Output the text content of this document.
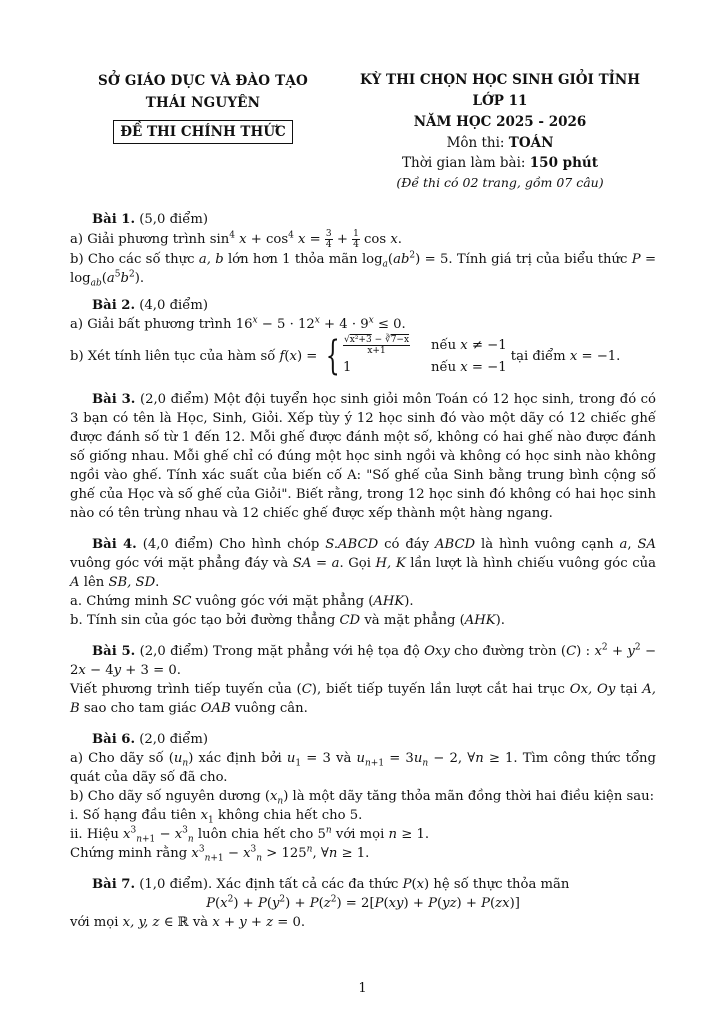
SỞ GIÁO DỤC VÀ ĐÀO TẠO
THÁI NGUYÊN
ĐỀ THI CHÍNH THỨC
KỲ THI CHỌN HỌC SINH GIỎI TỈNH
LỚP 11
NĂM HỌC 2025 - 2026
Môn thi: TOÁN
Thời gian làm bài: 150 phút
(Đề thi có 02 trang, gồm 07 câu)

Bài 1. (5,0 điểm)

a) Giải phương trình $\sin^4 x + \cos^4 x = \frac{3}{4} + \frac{1}{4}$ cos x.

b) Cho các số thực a, b lớn hơn 1 thỏa mãn $\log_a(ab^2) = 5$. Tính giá trị của biểu thức $P = \log_{ab}(a^5b^2)$.

Bài 2. (4,0 điểm)

a) Giải bất phương trình $16^x - 5 \cdot 12^x + 4 \cdot 9^x \le 0$.

b) Xét tính liên tục của hàm số f(x) = { $\frac{\text{√x²+3 − ∛7−x}}{x+1}$ nếu x ≠ −1
1	nếu x = −1
tại điểm x = −1.

Bài 3. (2,0 điểm) Một đội tuyển học sinh giỏi môn Toán có 12 học sinh, trong đó có 3 bạn có tên là Học, Sinh, Giỏi. Xếp tùy ý 12 học sinh đó vào một dãy có 12 chiếc ghế được đánh số từ 1 đến 12. Mỗi ghế được đánh một số, không có hai ghế nào được đánh số giống nhau. Mỗi ghế chỉ có đúng một học sinh ngồi và không có học sinh nào không ngồi vào ghế. Tính xác suất của biến cố A: "Số ghế của Sinh bằng trung bình cộng số ghế của Học và số ghế của Giỏi". Biết rằng, trong 12 học sinh đó không có hai học sinh nào có tên trùng nhau và 12 chiếc ghế được xếp thành một hàng ngang.

Bài 4. (4,0 điểm) Cho hình chóp S.ABCD có đáy ABCD là hình vuông cạnh a, SA vuông góc với mặt phẳng đáy và SA = a. Gọi H, K lần lượt là hình chiếu vuông góc của A lên SB, SD.

a. Chứng minh SC vuông góc với mặt phẳng (AHK).

b. Tính sin của góc tạo bởi đường thẳng CD và mặt phẳng (AHK).

Bài 5. (2,0 điểm) Trong mặt phẳng với hệ tọa độ Oxy cho đường tròn (C) : $x^2 + y^2 - 2x - 4y + 3 = 0$.

Viết phương trình tiếp tuyến của (C), biết tiếp tuyến lần lượt cắt hai trục Ox, Oy tại A, B sao cho tam giác OAB vuông cân.

Bài 6. (2,0 điểm)

a) Cho dãy số $(u_n)$ xác định bởi $u_1 = 3$ và $u_{n+1} = 3u_n - 2$, ∀n ≥ 1. Tìm công thức tổng quát của dãy số đã cho.

b) Cho dãy số nguyên dương $(x_n)$ là một dãy tăng thỏa mãn đồng thời hai điều kiện sau:

i. Số hạng đầu tiên $x_1$ không chia hết cho 5.

ii. Hiệu $x^3_{n+1} - x^3_n$ luôn chia hết cho 5$^n$ với mọi n ≥ 1.

Chứng minh rằng $x^3_{n+1} - x^3_n > 125^n$, ∀n ≥ 1.

Bài 7. (1,0 điểm). Xác định tất cả các đa thức P(x) hệ số thực thỏa mãn

$P(x^2) + P(y^2) + P(z^2) = 2[P(xy) + P(yz) + P(zx)]$

với mọi x, y, z ∈ ℝ và x + y + z = 0.

1
